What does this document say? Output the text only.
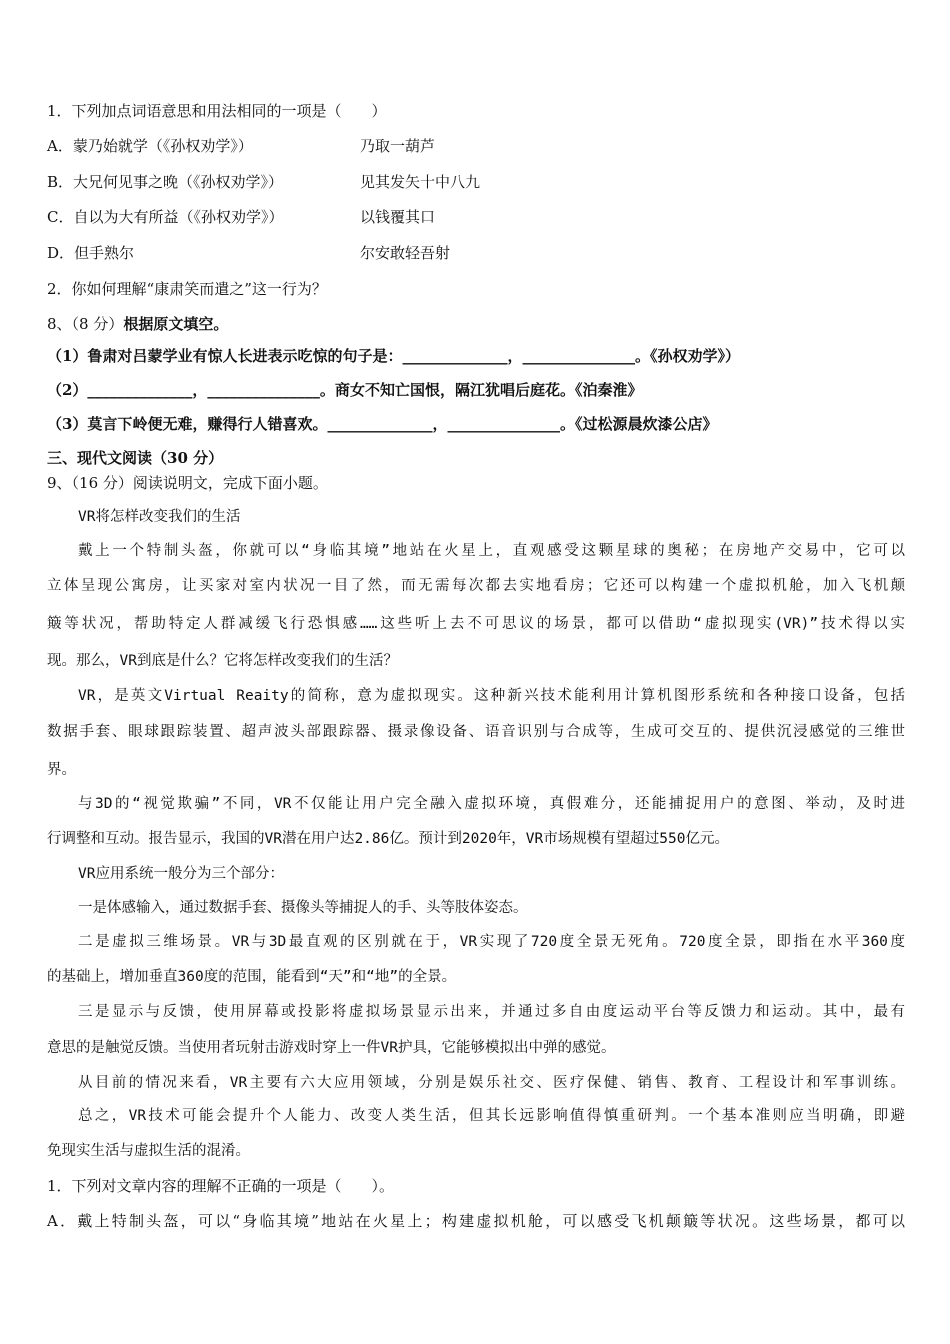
1．下列加点词语意思和用法相同的一项是（　　）
A．蒙乃始就学（《孙权劝学》）	乃取一葫芦
B．大兄何见事之晚（《孙权劝学》）	见其发矢十中八九
C．自以为大有所益（《孙权劝学》）	以钱覆其口
D．但手熟尔	尔安敢轻吾射
2．你如何理解“康肃笑而遣之”这一行为？
8、（8 分）根据原文填空。
（1）鲁肃对吕蒙学业有惊人长进表示吃惊的句子是：______________，_______________。《孙权劝学》）
（2）______________，_______________。商女不知亡国恨，隔江犹唱后庭花。《泊秦淮》
（3）莫言下岭便无难，赚得行人错喜欢。______________，_______________。《过松源晨炊漆公店》
三、现代文阅读（30 分）
9、（16 分）阅读说明文，完成下面小题。
VR将怎样改变我们的生活
戴上一个特制头盔，你就可以“身临其境”地站在火星上，直观感受这颗星球的奥秘；在房地产交易中，它可以
立体呈现公寓房，让买家对室内状况一目了然，而无需每次都去实地看房；它还可以构建一个虚拟机舱，加入飞机颠
簸等状况，帮助特定人群减缓飞行恐惧感……这些听上去不可思议的场景，都可以借助“虚拟现实(VR)”技术得以实
现。那么，VR到底是什么？它将怎样改变我们的生活？
VR，是英文Virtual Reaity的简称，意为虚拟现实。这种新兴技术能利用计算机图形系统和各种接口设备，包括
数据手套、眼球跟踪装置、超声波头部跟踪器、摄录像设备、语音识别与合成等，生成可交互的、提供沉浸感觉的三维世
界。
与3D的“视觉欺骗”不同，VR不仅能让用户完全融入虚拟环境，真假难分，还能捕捉用户的意图、举动，及时进
行调整和互动。报告显示，我国的VR潜在用户达2.86亿。预计到2020年，VR市场规模有望超过550亿元。
VR应用系统一般分为三个部分：
一是体感输入，通过数据手套、摄像头等捕捉人的手、头等肢体姿态。
二是虚拟三维场景。VR与3D最直观的区别就在于，VR实现了720度全景无死角。720度全景，即指在水平360度
的基础上，增加垂直360度的范围，能看到“天”和“地”的全景。
三是显示与反馈，使用屏幕或投影将虚拟场景显示出来，并通过多自由度运动平台等反馈力和运动。其中，最有
意思的是触觉反馈。当使用者玩射击游戏时穿上一件VR护具，它能够模拟出中弹的感觉。
从目前的情况来看，VR主要有六大应用领域，分别是娱乐社交、医疗保健、销售、教育、工程设计和军事训练。
总之，VR技术可能会提升个人能力、改变人类生活，但其长远影响值得慎重研判。一个基本准则应当明确，即避
免现实生活与虚拟生活的混淆。
1．下列对文章内容的理解不正确的一项是（　　）。
A．戴上特制头盔，可以“身临其境”地站在火星上；构建虚拟机舱，可以感受飞机颠簸等状况。这些场景，都可以
